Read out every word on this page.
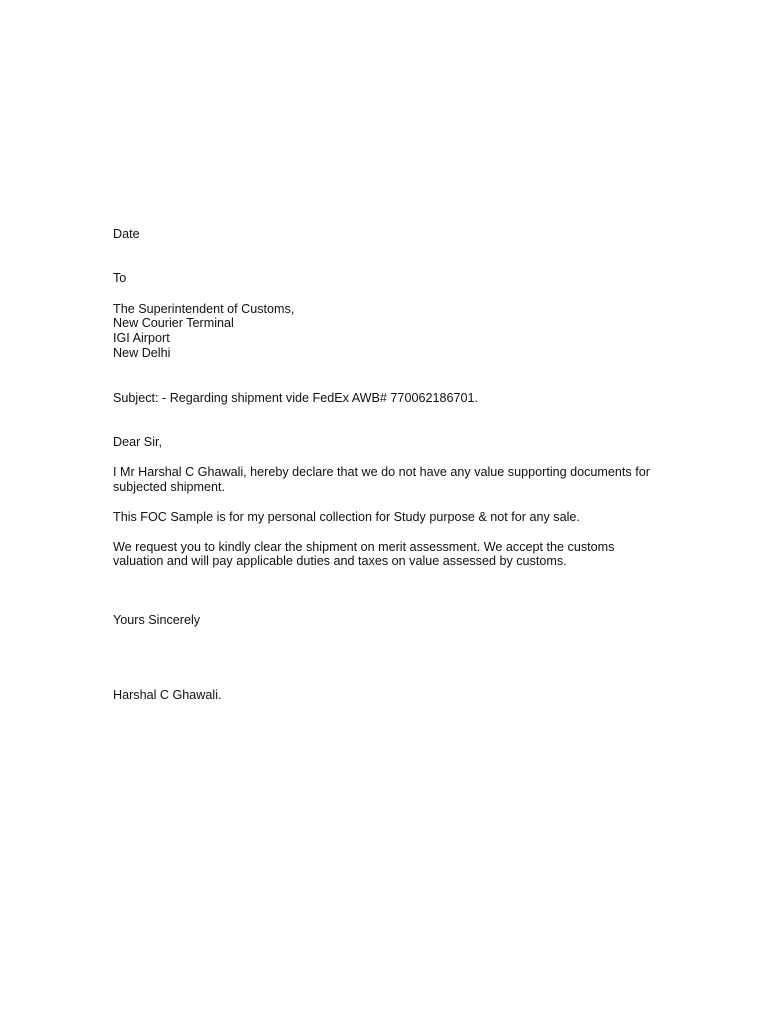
Date
To
The Superintendent of Customs,
New Courier Terminal
IGI Airport
New Delhi
Subject: - Regarding shipment vide FedEx AWB# 770062186701.
Dear Sir,
I Mr Harshal C Ghawali, hereby declare that we do not have any value supporting documents for
subjected shipment.
This FOC Sample is for my personal collection for Study purpose & not for any sale.
We request you to kindly clear the shipment on merit assessment. We accept the customs
valuation and will pay applicable duties and taxes on value assessed by customs.
Yours Sincerely
Harshal C Ghawali.
